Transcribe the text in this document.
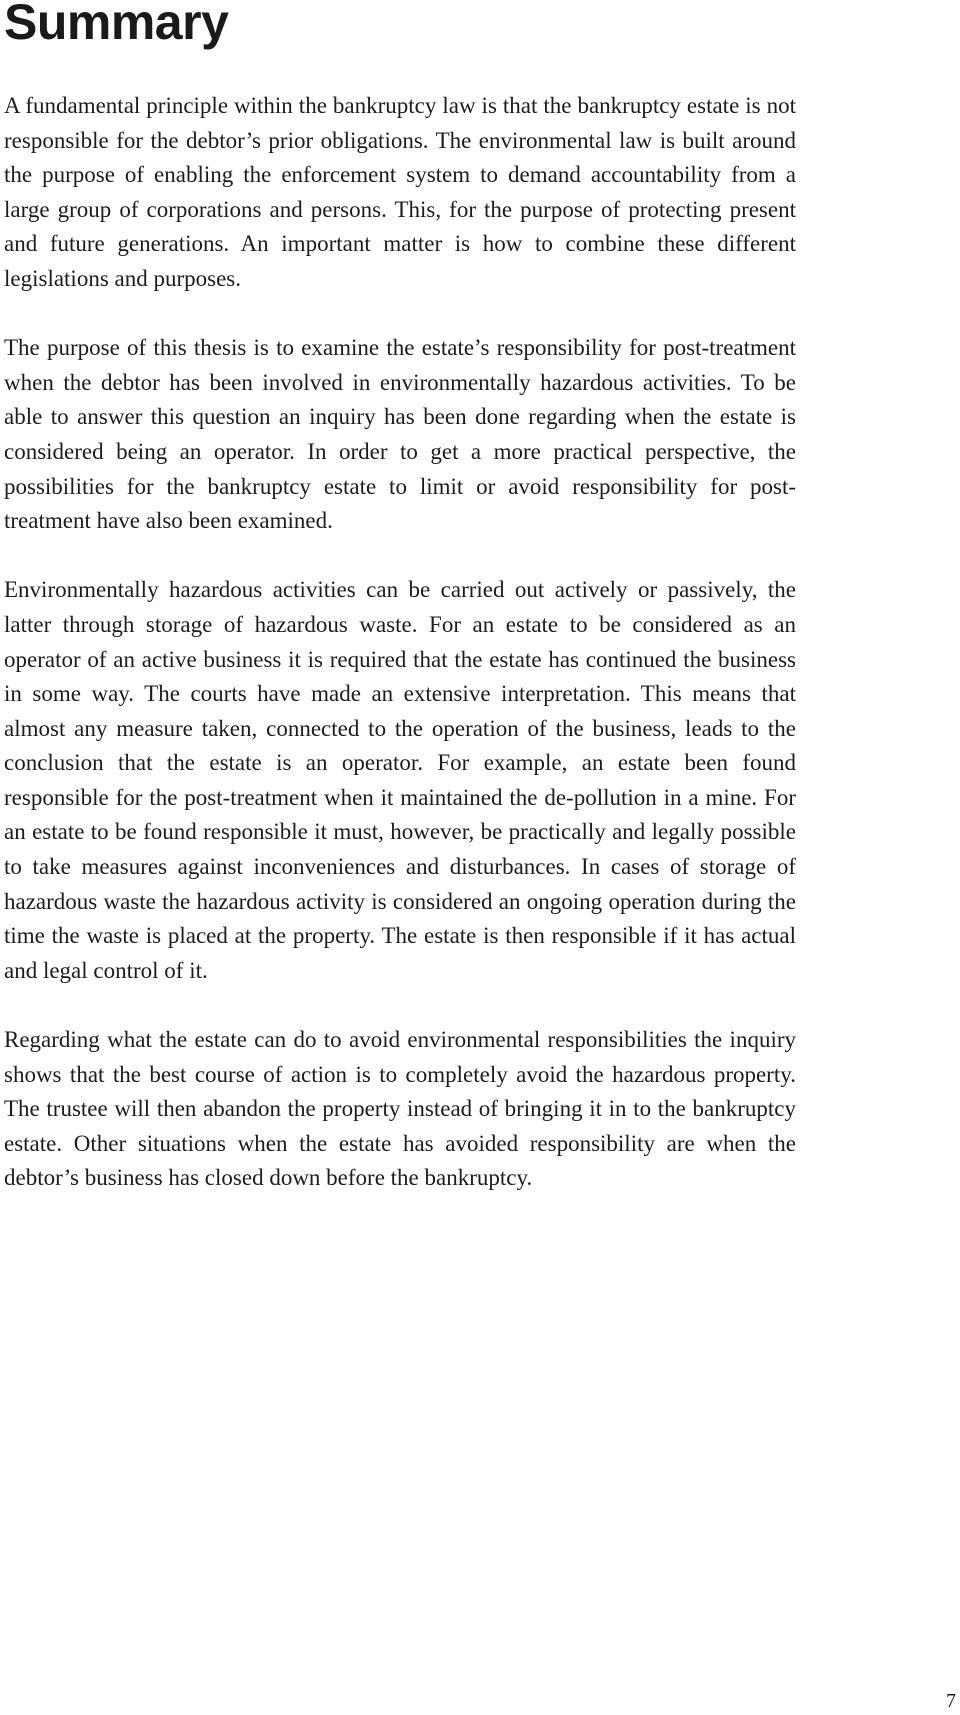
Summary

A fundamental principle within the bankruptcy law is that the bankruptcy estate is not responsible for the debtor’s prior obligations. The environmental law is built around the purpose of enabling the enforcement system to demand accountability from a large group of corporations and persons. This, for the purpose of protecting present and future generations. An important matter is how to combine these different legislations and purposes.

The purpose of this thesis is to examine the estate’s responsibility for post-treatment when the debtor has been involved in environmentally hazardous activities. To be able to answer this question an inquiry has been done regarding when the estate is considered being an operator. In order to get a more practical perspective, the possibilities for the bankruptcy estate to limit or avoid responsibility for post-treatment have also been examined.

Environmentally hazardous activities can be carried out actively or passively, the latter through storage of hazardous waste. For an estate to be considered as an operator of an active business it is required that the estate has continued the business in some way. The courts have made an extensive interpretation. This means that almost any measure taken, connected to the operation of the business, leads to the conclusion that the estate is an operator. For example, an estate been found responsible for the post-treatment when it maintained the de-pollution in a mine. For an estate to be found responsible it must, however, be practically and legally possible to take measures against inconveniences and disturbances. In cases of storage of hazardous waste the hazardous activity is considered an ongoing operation during the time the waste is placed at the property. The estate is then responsible if it has actual and legal control of it.

Regarding what the estate can do to avoid environmental responsibilities the inquiry shows that the best course of action is to completely avoid the hazardous property. The trustee will then abandon the property instead of bringing it in to the bankruptcy estate. Other situations when the estate has avoided responsibility are when the debtor’s business has closed down before the bankruptcy.

7
